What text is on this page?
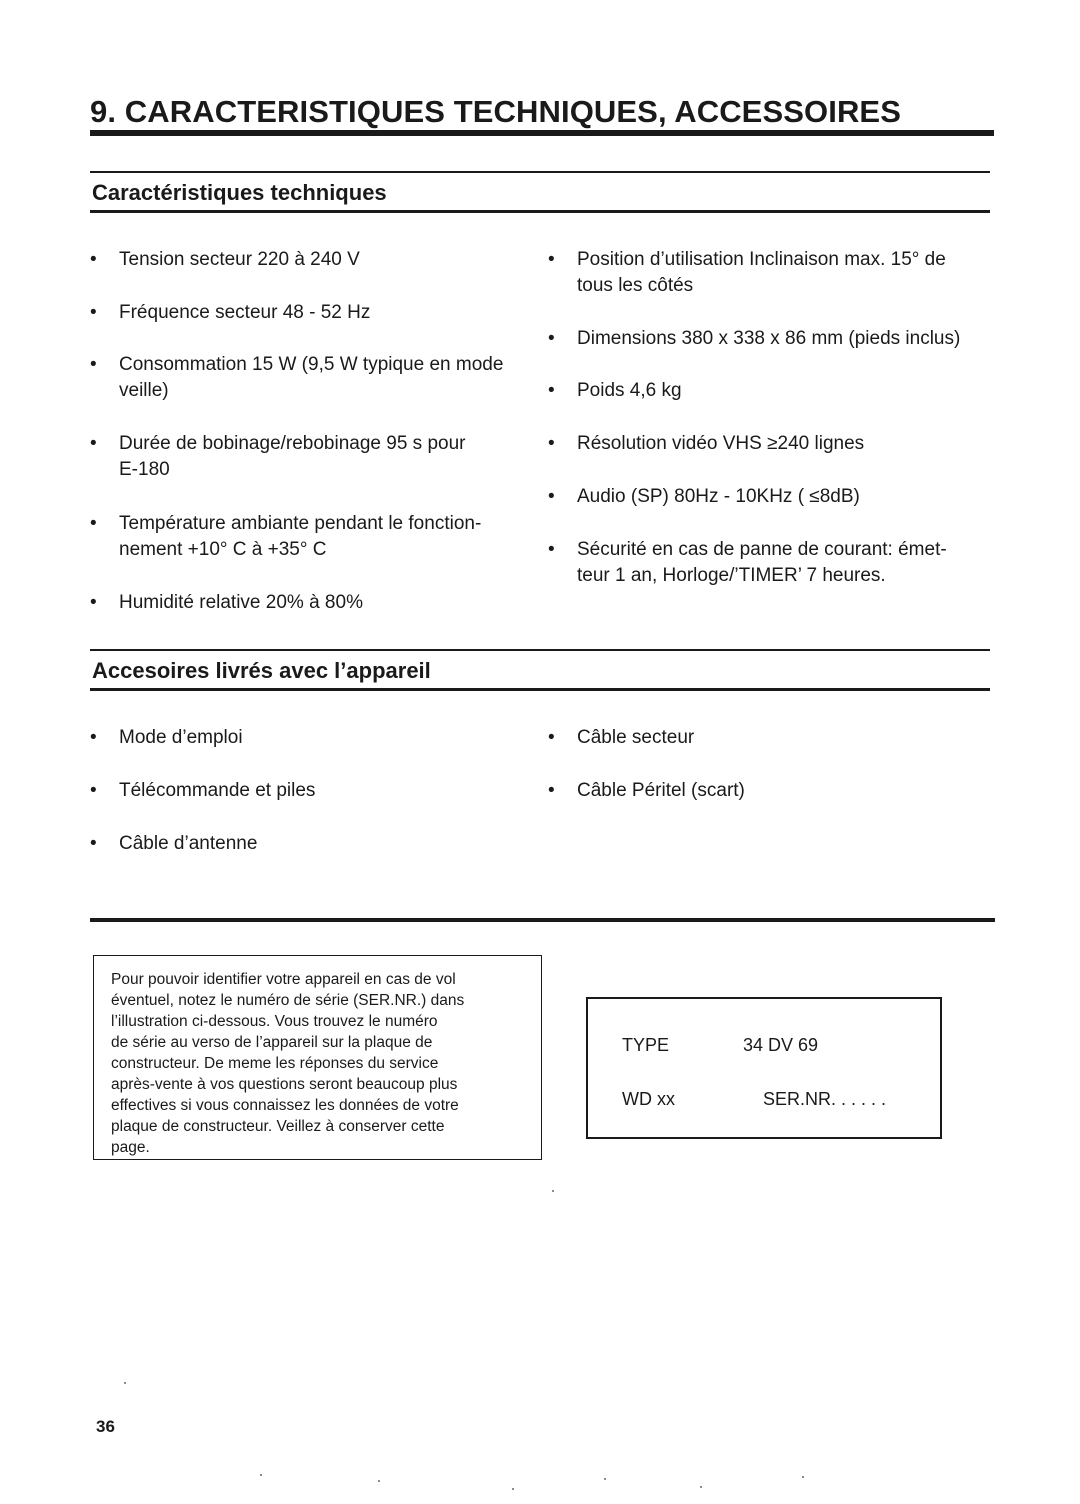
9. CARACTERISTIQUES TECHNIQUES, ACCESSOIRES
Caractéristiques techniques
• Tension secteur 220 à 240 V
• Fréquence secteur 48 - 52 Hz
• Consommation 15 W (9,5 W typique en mode
veille)
• Durée de bobinage/rebobinage 95 s pour
E-180
• Température ambiante pendant le fonction-
nement +10° C à +35° C
• Humidité relative 20% à 80%
• Position d’utilisation Inclinaison max. 15° de
tous les côtés
• Dimensions 380 x 338 x 86 mm (pieds inclus)
• Poids 4,6 kg
• Résolution vidéo VHS ≥240 lignes
• Audio (SP) 80Hz - 10KHz ( ≤8dB)
• Sécurité en cas de panne de courant: émet-
teur 1 an, Horloge/’TIMER’ 7 heures.
Accesoires livrés avec l’appareil
• Mode d’emploi
• Télécommande et piles
• Câble d’antenne
• Câble secteur
• Câble Péritel (scart)
Pour pouvoir identifier votre appareil en cas de vol
éventuel, notez le numéro de série (SER.NR.) dans
l’illustration ci-dessous. Vous trouvez le numéro
de série au verso de l’appareil sur la plaque de
constructeur. De meme les réponses du service
après-vente à vos questions seront beaucoup plus
effectives si vous connaissez les données de votre
plaque de constructeur. Veillez à conserver cette
page.
TYPE	34 DV 69
WD xx	SER.NR. . . . . .
36
